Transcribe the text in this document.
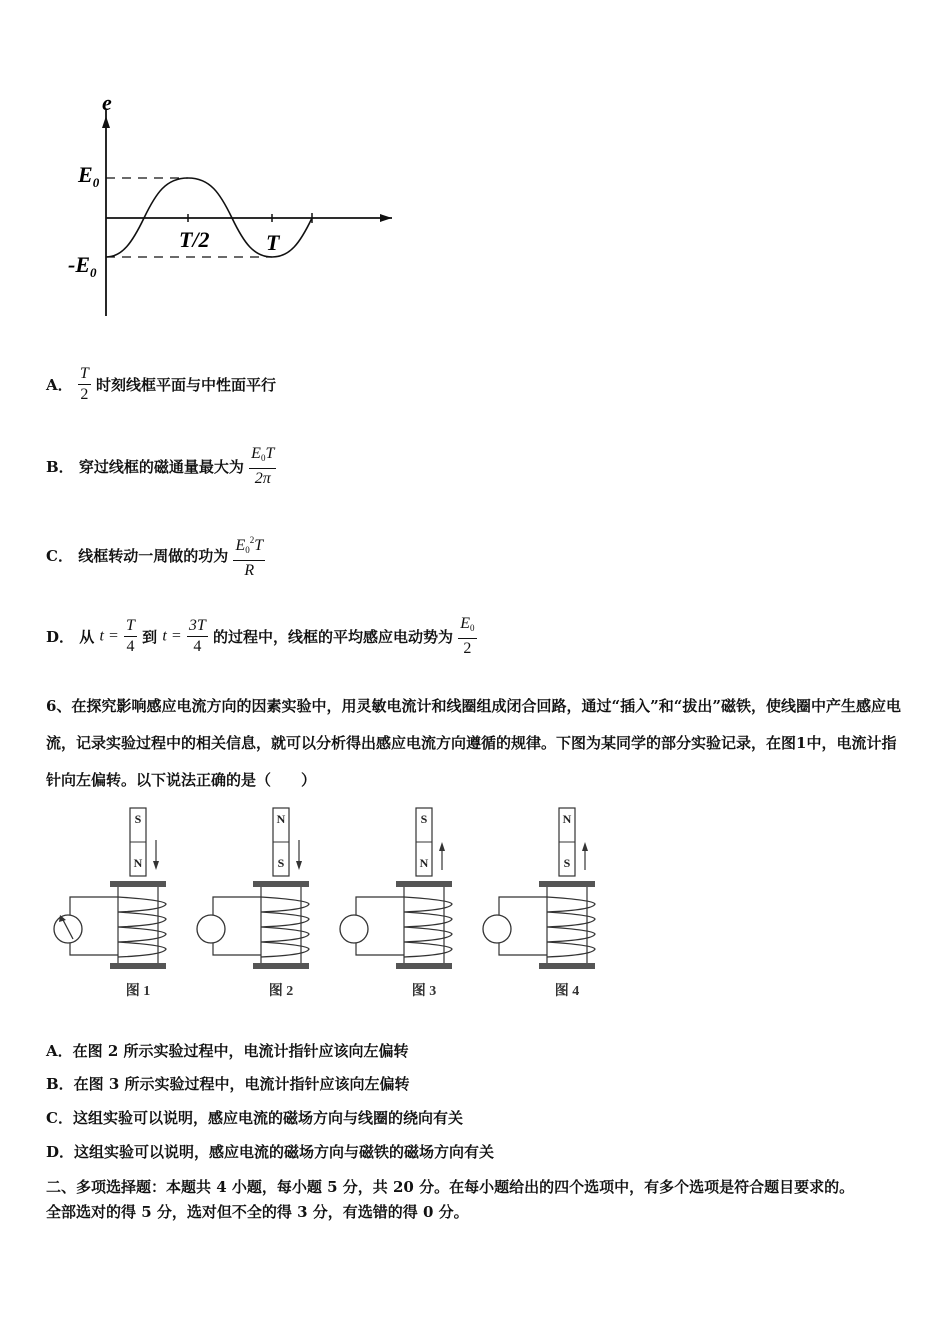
e
$E_0$
$-E_0$
T/2	T
A． $\frac{T}{2}$ 时刻线框平面与中性面平行
B． 穿过线框的磁通量最大为 $\frac{E_0T}{2\pi}$
C． 线框转动一周做的功为 $\frac{E_0^2T}{R}$
D． 从 $t = \frac{T}{4}$ 到 $t = \frac{3T}{4}$ 的过程中，线框的平均感应电动势为 $\frac{E_0}{2}$
6、在探究影响感应电流方向的因素实验中，用灵敏电流计和线圈组成闭合回路，通过“插入”和“拔出”磁铁，使线圈中产生感应电流，记录实验过程中的相关信息，就可以分析得出感应电流方向遵循的规律。下图为某同学的部分实验记录，在图1中，电流计指针向左偏转。以下说法正确的是（　　）
S
N
图 1
N
S
图 2
S
N
图 3
N
S
图 4
A．在图 2 所示实验过程中，电流计指针应该向左偏转
B．在图 3 所示实验过程中，电流计指针应该向左偏转
C．这组实验可以说明，感应电流的磁场方向与线圈的绕向有关
D．这组实验可以说明，感应电流的磁场方向与磁铁的磁场方向有关
二、多项选择题：本题共 4 小题，每小题 5 分，共 20 分。在每小题给出的四个选项中，有多个选项是符合题目要求的。
全部选对的得 5 分，选对但不全的得 3 分，有选错的得 0 分。
